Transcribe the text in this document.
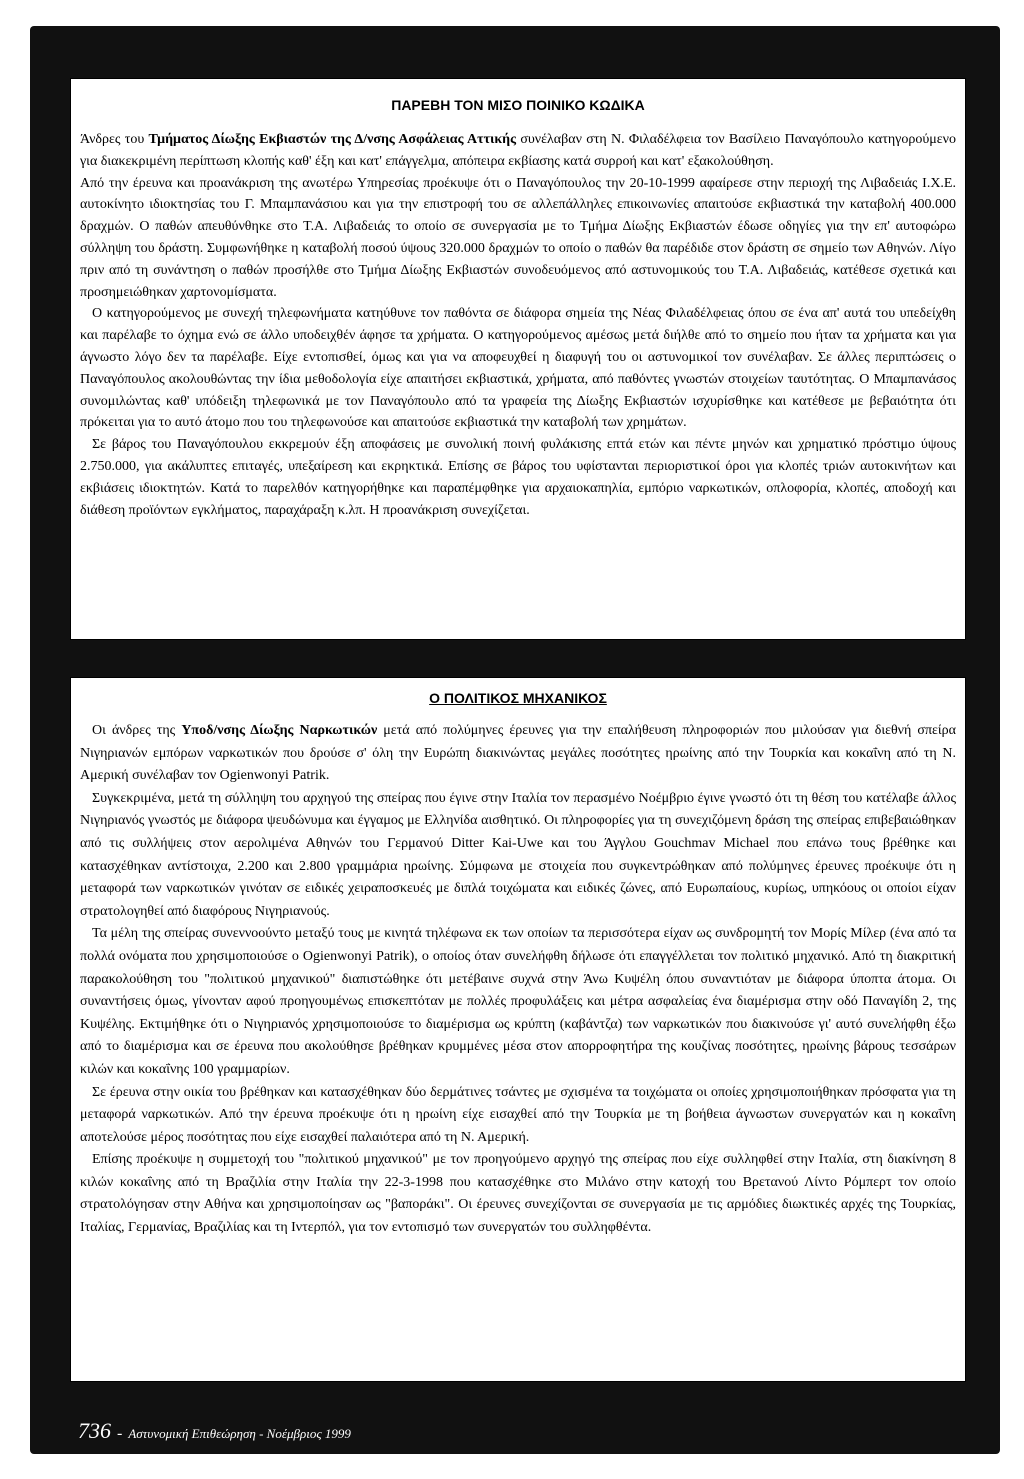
ΠΑΡΕΒΗ ΤΟΝ ΜΙΣΟ ΠΟΙΝΙΚΟ ΚΩΔΙΚΑ

Άνδρες του Τμήματος Δίωξης Εκβιαστών της Δ/νσης Ασφάλειας Αττικής συνέλαβαν στη Ν. Φιλαδέλφεια τον Βασίλειο Παναγόπουλο κατηγορούμενο για διακεκριμένη περίπτωση κλοπής καθ' έξη και κατ' επάγγελμα, απόπειρα εκβίασης κατά συρροή και κατ' εξακολούθηση.

Από την έρευνα και προανάκριση της ανωτέρω Υπηρεσίας προέκυψε ότι ο Παναγόπουλος την 20-10-1999 αφαίρεσε στην περιοχή της Λιβαδειάς Ι.Χ.Ε. αυτοκίνητο ιδιοκτησίας του Γ. Μπαμπανάσιου και για την επιστροφή του σε αλλεπάλληλες επικοινωνίες απαιτούσε εκβιαστικά την καταβολή 400.000 δραχμών. Ο παθών απευθύνθηκε στο Τ.Α. Λιβαδειάς το οποίο σε συνεργασία με το Τμήμα Δίωξης Εκβιαστών έδωσε οδηγίες για την επ' αυτοφώρω σύλληψη του δράστη. Συμφωνήθηκε η καταβολή ποσού ύψους 320.000 δραχμών το οποίο ο παθών θα παρέδιδε στον δράστη σε σημείο των Αθηνών. Λίγο πριν από τη συνάντηση ο παθών προσήλθε στο Τμήμα Δίωξης Εκβιαστών συνοδευόμενος από αστυνομικούς του Τ.Α. Λιβαδειάς, κατέθεσε σχετικά και προσημειώθηκαν χαρτονομίσματα.

Ο κατηγορούμενος με συνεχή τηλεφωνήματα κατηύθυνε τον παθόντα σε διάφορα σημεία της Νέας Φιλαδέλφειας όπου σε ένα απ' αυτά του υπεδείχθη και παρέλαβε το όχημα ενώ σε άλλο υποδειχθέν άφησε τα χρήματα. Ο κατηγορούμενος αμέσως μετά διήλθε από το σημείο που ήταν τα χρήματα και για άγνωστο λόγο δεν τα παρέλαβε. Είχε εντοπισθεί, όμως και για να αποφευχθεί η διαφυγή του οι αστυνομικοί τον συνέλαβαν. Σε άλλες περιπτώσεις ο Παναγόπουλος ακολουθώντας την ίδια μεθοδολογία είχε απαιτήσει εκβιαστικά, χρήματα, από παθόντες γνωστών στοιχείων ταυτότητας. Ο Μπαμπανάσος συνομιλώντας καθ' υπόδειξη τηλεφωνικά με τον Παναγόπουλο από τα γραφεία της Δίωξης Εκβιαστών ισχυρίσθηκε και κατέθεσε με βεβαιότητα ότι πρόκειται για το αυτό άτομο που του τηλεφωνούσε και απαιτούσε εκβιαστικά την καταβολή των χρημάτων.

Σε βάρος του Παναγόπουλου εκκρεμούν έξη αποφάσεις με συνολική ποινή φυλάκισης επτά ετών και πέντε μηνών και χρηματικό πρόστιμο ύψους 2.750.000, για ακάλυπτες επιταγές, υπεξαίρεση και εκρηκτικά. Επίσης σε βάρος του υφίστανται περιοριστικοί όροι για κλοπές τριών αυτοκινήτων και εκβιάσεις ιδιοκτητών. Κατά το παρελθόν κατηγορήθηκε και παραπέμφθηκε για αρχαιοκαπηλία, εμπόριο ναρκωτικών, οπλοφορία, κλοπές, αποδοχή και διάθεση προϊόντων εγκλήματος, παραχάραξη κ.λπ. Η προανάκριση συνεχίζεται.

Ο ΠΟΛΙΤΙΚΟΣ ΜΗΧΑΝΙΚΟΣ

Οι άνδρες της Υποδ/νσης Δίωξης Ναρκωτικών μετά από πολύμηνες έρευνες για την επαλήθευση πληροφοριών που μιλούσαν για διεθνή σπείρα Νιγηριανών εμπόρων ναρκωτικών που δρούσε σ' όλη την Ευρώπη διακινώντας μεγάλες ποσότητες ηρωίνης από την Τουρκία και κοκαΐνη από τη Ν. Αμερική συνέλαβαν τον Ogienwonyi Patrik.

Συγκεκριμένα, μετά τη σύλληψη του αρχηγού της σπείρας που έγινε στην Ιταλία τον περασμένο Νοέμβριο έγινε γνωστό ότι τη θέση του κατέλαβε άλλος Νιγηριανός γνωστός με διάφορα ψευδώνυμα και έγγαμος με Ελληνίδα αισθητικό. Οι πληροφορίες για τη συνεχιζόμενη δράση της σπείρας επιβεβαιώθηκαν από τις συλλήψεις στον αερολιμένα Αθηνών του Γερμανού Ditter Kai-Uwe και του Άγγλου Gouchmav Michael που επάνω τους βρέθηκε και κατασχέθηκαν αντίστοιχα, 2.200 και 2.800 γραμμάρια ηρωίνης. Σύμφωνα με στοιχεία που συγκεντρώθηκαν από πολύμηνες έρευνες προέκυψε ότι η μεταφορά των ναρκωτικών γινόταν σε ειδικές χειραποσκευές με διπλά τοιχώματα και ειδικές ζώνες, από Ευρωπαίους, κυρίως, υπηκόους οι οποίοι είχαν στρατολογηθεί από διαφόρους Νιγηριανούς.

Τα μέλη της σπείρας συνεννοούντο μεταξύ τους με κινητά τηλέφωνα εκ των οποίων τα περισσότερα είχαν ως συνδρομητή τον Μορίς Μίλερ (ένα από τα πολλά ονόματα που χρησιμοποιούσε ο Ogienwonyi Patrik), ο οποίος όταν συνελήφθη δήλωσε ότι επαγγέλλεται τον πολιτικό μηχανικό. Από τη διακριτική παρακολούθηση του "πολιτικού μηχανικού" διαπιστώθηκε ότι μετέβαινε συχνά στην Άνω Κυψέλη όπου συναντιόταν με διάφορα ύποπτα άτομα. Οι συναντήσεις όμως, γίνονταν αφού προηγουμένως επισκεπτόταν με πολλές προφυλάξεις και μέτρα ασφαλείας ένα διαμέρισμα στην οδό Παναγίδη 2, της Κυψέλης. Εκτιμήθηκε ότι ο Νιγηριανός χρησιμοποιούσε το διαμέρισμα ως κρύπτη (καβάντζα) των ναρκωτικών που διακινούσε γι' αυτό συνελήφθη έξω από το διαμέρισμα και σε έρευνα που ακολούθησε βρέθηκαν κρυμμένες μέσα στον απορροφητήρα της κουζίνας ποσότητες, ηρωίνης βάρους τεσσάρων κιλών και κοκαΐνης 100 γραμμαρίων.

Σε έρευνα στην οικία του βρέθηκαν και κατασχέθηκαν δύο δερμάτινες τσάντες με σχισμένα τα τοιχώματα οι οποίες χρησιμοποιήθηκαν πρόσφατα για τη μεταφορά ναρκωτικών. Από την έρευνα προέκυψε ότι η ηρωίνη είχε εισαχθεί από την Τουρκία με τη βοήθεια άγνωστων συνεργατών και η κοκαΐνη αποτελούσε μέρος ποσότητας που είχε εισαχθεί παλαιότερα από τη Ν. Αμερική.

Επίσης προέκυψε η συμμετοχή του "πολιτικού μηχανικού" με τον προηγούμενο αρχηγό της σπείρας που είχε συλληφθεί στην Ιταλία, στη διακίνηση 8 κιλών κοκαΐνης από τη Βραζιλία στην Ιταλία την 22-3-1998 που κατασχέθηκε στο Μιλάνο στην κατοχή του Βρετανού Λίντο Ρόμπερτ τον οποίο στρατολόγησαν στην Αθήνα και χρησιμοποίησαν ως "βαποράκι". Οι έρευνες συνεχίζονται σε συνεργασία με τις αρμόδιες διωκτικές αρχές της Τουρκίας, Ιταλίας, Γερμανίας, Βραζιλίας και τη Ιντερπόλ, για τον εντοπισμό των συνεργατών του συλληφθέντα.

736 - Αστυνομική Επιθεώρηση - Νοέμβριος 1999
